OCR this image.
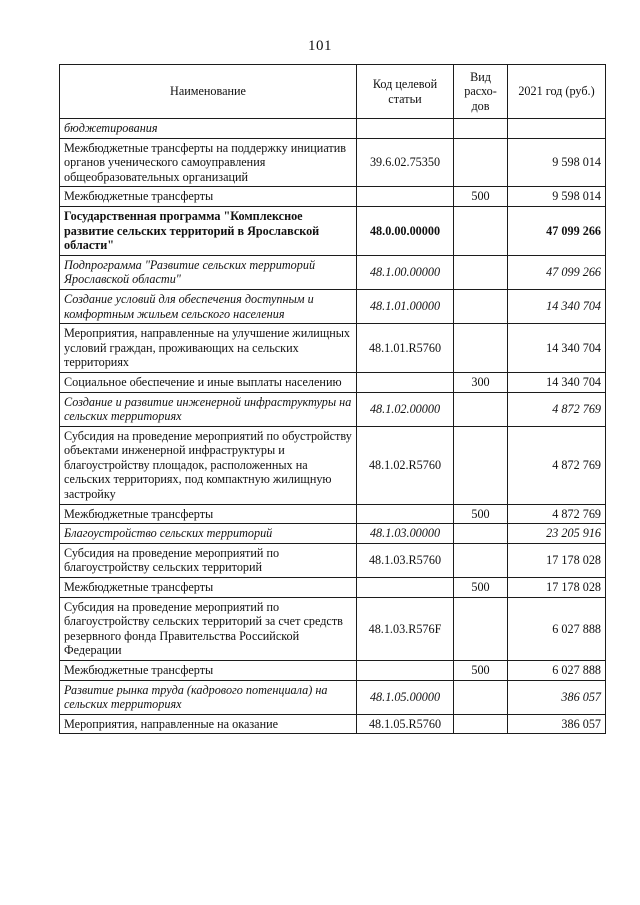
101
Наименование	Код целевой статьи	Вид расхо-дов	2021 год (руб.)
бюджетирования			
Межбюджетные трансферты на поддержку инициатив органов ученического самоуправления общеобразовательных организаций	39.6.02.75350		9 598 014
Межбюджетные трансферты		500	9 598 014
Государственная программа "Комплексное развитие сельских территорий в Ярославской области"	48.0.00.00000		47 099 266
Подпрограмма "Развитие сельских территорий Ярославской области"	48.1.00.00000		47 099 266
Создание условий для обеспечения доступным и комфортным жильем сельского населения	48.1.01.00000		14 340 704
Мероприятия, направленные на улучшение жилищных условий граждан, проживающих на сельских территориях	48.1.01.R5760		14 340 704
Социальное обеспечение и иные выплаты населению		300	14 340 704
Создание и развитие инженерной инфраструктуры на сельских территориях	48.1.02.00000		4 872 769
Субсидия на проведение мероприятий по обустройству объектами инженерной инфраструктуры и благоустройству площадок, расположенных на сельских территориях, под компактную жилищную застройку	48.1.02.R5760		4 872 769
Межбюджетные трансферты		500	4 872 769
Благоустройство сельских территорий	48.1.03.00000		23 205 916
Субсидия на проведение мероприятий по благоустройству сельских территорий	48.1.03.R5760		17 178 028
Межбюджетные трансферты		500	17 178 028
Субсидия на проведение мероприятий по благоустройству сельских территорий за счет средств резервного фонда Правительства Российской Федерации	48.1.03.R576F		6 027 888
Межбюджетные трансферты		500	6 027 888
Развитие рынка труда (кадрового потенциала) на сельских территориях	48.1.05.00000		386 057
Мероприятия, направленные на оказание	48.1.05.R5760		386 057
